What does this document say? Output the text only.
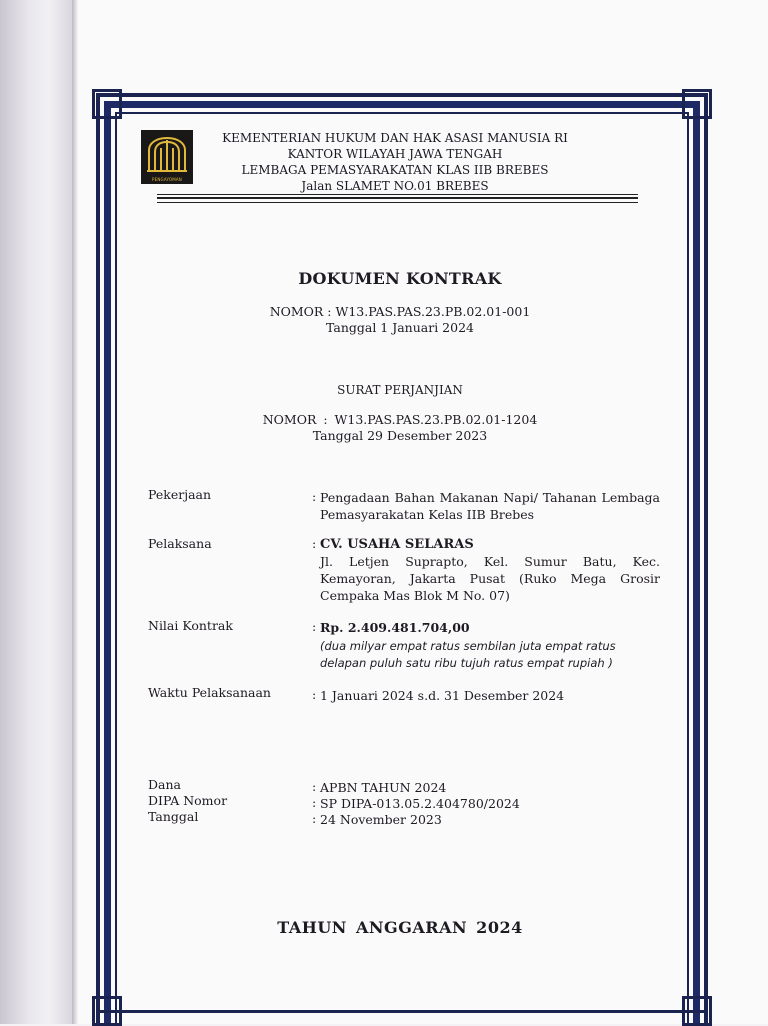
PENGAYOMAN
KEMENTERIAN HUKUM DAN HAK ASASI MANUSIA RI
KANTOR WILAYAH JAWA TENGAH
LEMBAGA PEMASYARAKATAN KLAS IIB BREBES
Jalan SLAMET NO.01 BREBES
DOKUMEN KONTRAK
NOMOR : W13.PAS.PAS.23.PB.02.01-001
Tanggal 1 Januari 2024
SURAT PERJANJIAN
NOMOR : W13.PAS.PAS.23.PB.02.01-1204
Tanggal 29 Desember 2023
Pekerjaan	: Pengadaan Bahan Makanan Napi/ Tahanan Lembaga Pemasyarakatan Kelas IIB Brebes
Pelaksana	: CV. USAHA SELARAS
Jl. Letjen Suprapto, Kel. Sumur Batu, Kec. Kemayoran, Jakarta Pusat (Ruko Mega Grosir Cempaka Mas Blok M No. 07)
Nilai Kontrak	: Rp. 2.409.481.704,00
(dua milyar empat ratus sembilan juta empat ratus delapan puluh satu ribu tujuh ratus empat rupiah )
Waktu Pelaksanaan	: 1 Januari 2024 s.d. 31 Desember 2024
Dana	: APBN TAHUN 2024
DIPA Nomor	: SP DIPA-013.05.2.404780/2024
Tanggal	: 24 November 2023
TAHUN ANGGARAN 2024
